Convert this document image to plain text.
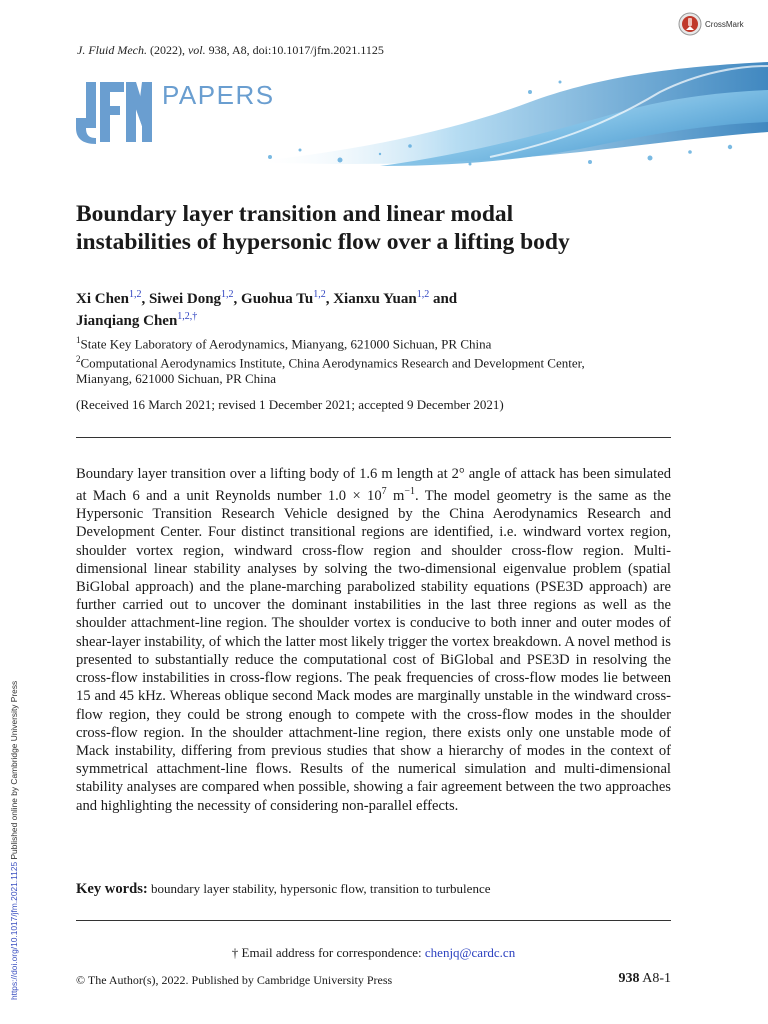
J. Fluid Mech. (2022), vol. 938, A8, doi:10.1017/jfm.2021.1125
CrossMark
PAPERS
Boundary layer transition and linear modal
instabilities of hypersonic flow over a lifting body
Xi Chen$^{1,2}$, Siwei Dong$^{1,2}$, Guohua Tu$^{1,2}$, Xianxu Yuan$^{1,2}$ and
Jianqiang Chen$^{1,2,\dagger}$
$^1$State Key Laboratory of Aerodynamics, Mianyang, 621000 Sichuan, PR China
$^2$Computational Aerodynamics Institute, China Aerodynamics Research and Development Center,
Mianyang, 621000 Sichuan, PR China
(Received 16 March 2021; revised 1 December 2021; accepted 9 December 2021)

Boundary layer transition over a lifting body of 1.6 m length at 2° angle of attack has been simulated at Mach 6 and a unit Reynolds number $1.0 \times 10^7$ $m^{-1}$. The model geometry is the same as the Hypersonic Transition Research Vehicle designed by the China Aerodynamics Research and Development Center. Four distinct transitional regions are identified, i.e. windward vortex region, shoulder vortex region, windward cross-flow region and shoulder cross-flow region. Multi-dimensional linear stability analyses by solving the two-dimensional eigenvalue problem (spatial BiGlobal approach) and the plane-marching parabolized stability equations (PSE3D approach) are further carried out to uncover the dominant instabilities in the last three regions as well as the shoulder attachment-line region. The shoulder vortex is conducive to both inner and outer modes of shear-layer instability, of which the latter most likely trigger the vortex breakdown. A novel method is presented to substantially reduce the computational cost of BiGlobal and PSE3D in resolving the cross-flow instabilities in cross-flow regions. The peak frequencies of cross-flow modes lie between 15 and 45 kHz. Whereas oblique second Mack modes are marginally unstable in the windward cross-flow region, they could be strong enough to compete with the cross-flow modes in the shoulder cross-flow region. In the shoulder attachment-line region, there exists only one unstable mode of Mack instability, differing from previous studies that show a hierarchy of modes in the context of symmetrical attachment-line flows. Results of the numerical simulation and multi-dimensional stability analyses are compared when possible, showing a fair agreement between the two approaches and highlighting the necessity of considering non-parallel effects.

Key words: boundary layer stability, hypersonic flow, transition to turbulence
† Email address for correspondence: chenjq@cardc.cn
© The Author(s), 2022. Published by Cambridge University Press	938 A8-1
https://doi.org/10.1017/jfm.2021.1125 Published online by Cambridge University Press
